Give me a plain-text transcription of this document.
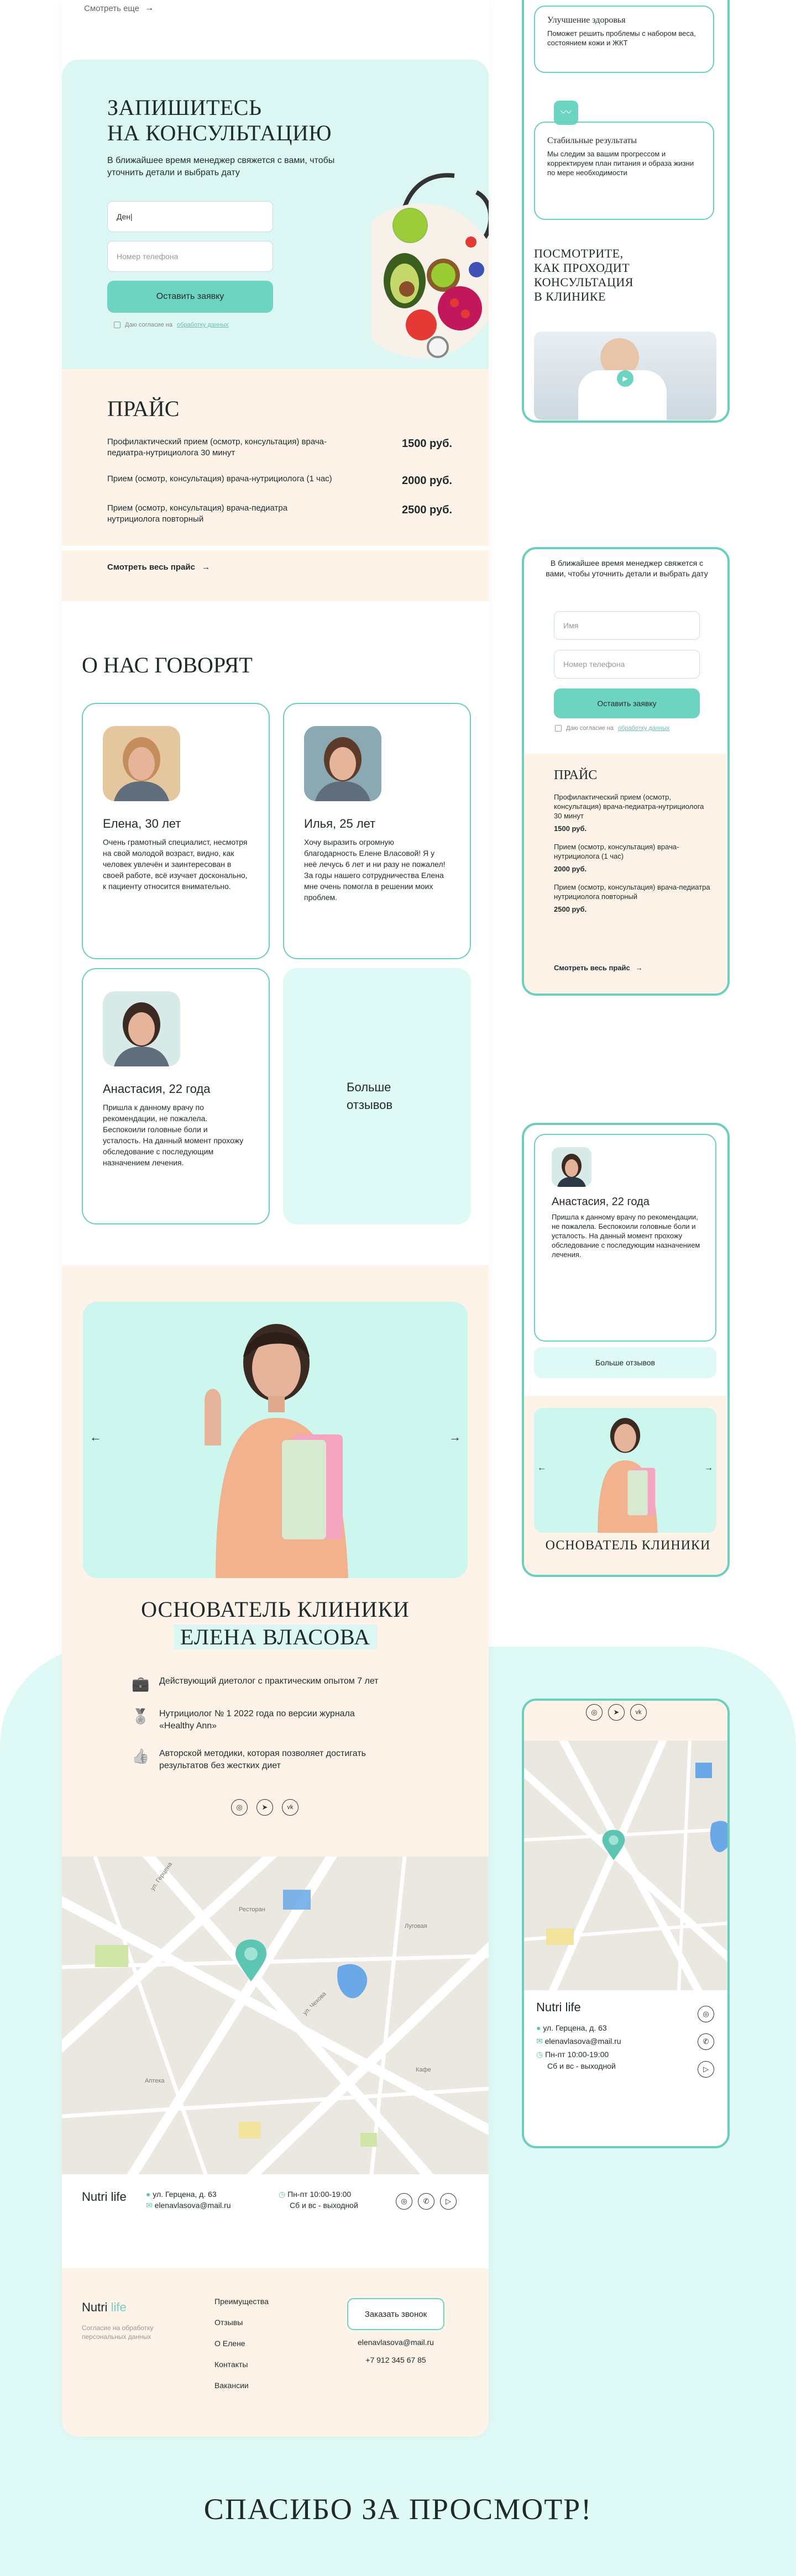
Смотреть еще →
ЗАПИШИТЕСЬ
НА КОНСУЛЬТАЦИЮ
В ближайшее время менеджер свяжется с вами, чтобы уточнить детали и выбрать дату
Ден|
Номер телефона
Оставить заявку
Даю согласие на обработку данных
ПРАЙС
Профилактический прием (осмотр, консультация) врача-педиатра-нутрициолога 30 минут
1500 руб.
Прием (осмотр, консультация) врача-нутрициолога (1 час)	2000 руб.
Прием (осмотр, консультация) врача-педиатра нутрициолога повторный
2500 руб.
Смотреть весь прайс →
О НАС ГОВОРЯТ
Елена, 30 лет
Очень грамотный специалист, несмотря на свой молодой возраст, видно, как человек увлечён и заинтересован в своей работе, всё изучает досконально, к пациенту относится внимательно.
Илья, 25 лет
Хочу выразить огромную благодарность Елене Власовой! Я у неё лечусь 6 лет и ни разу не пожалел! За годы нашего сотрудничества Елена мне очень помогла в решении моих проблем.
Анастасия, 22 года
Пришла к данному врачу по рекомендации, не пожалела. Беспокоили головные боли и усталость. На данный момент прохожу обследование с последующим назначением лечения.
Больше отзывов
←	→
ОСНОВАТЕЛЬ КЛИНИКИ
ЕЛЕНА ВЛАСОВА
💼 Действующий диетолог с практическим опытом 7 лет
🏅 Нутрициолог № 1 2022 года по версии журнала «Healthy Ann»
👍 Авторской методики, которая позволяет достигать результатов без жестких диет
◎	➤	vk
ул. Герцена
ул. Чехова
Луговая
Ресторан
Аптека
Кафе
Nutri life	● ул. Герцена, д. 63
✉ elenavlasova@mail.ru
◷ Пн-пт 10:00-19:00
Сб и вс - выходной	◎	✆	▷
Nutri life
Согласие на обработку персональных данных
Преимущества
Отзывы
О Елене
Контакты
Вакансии
Заказать звонок
elenavlasova@mail.ru
+7 912 345 67 85
Улучшение здоровья
Поможет решить проблемы с набором веса, состоянием кожи и ЖКТ
〰
Стабильные результаты
Мы следим за вашим прогрессом и корректируем план питания и образа жизни по мере необходимости
ПОСМОТРИТЕ,
КАК ПРОХОДИТ
КОНСУЛЬТАЦИЯ
В КЛИНИКЕ
▶
В ближайшее время менеджер свяжется с вами, чтобы уточнить детали и выбрать дату
Имя
Номер телефона
Оставить заявку
Даю согласие на обработку данных
ПРАЙС
Профилактический прием (осмотр, консультация) врача-педиатра-нутрициолога 30 минут
1500 руб.
Прием (осмотр, консультация) врача-нутрициолога (1 час)
2000 руб.
Прием (осмотр, консультация) врача-педиатра нутрициолога повторный
2500 руб.
Смотреть весь прайс →
Анастасия, 22 года
Пришла к данному врачу по рекомендации, не пожалела. Беспокоили головные боли и усталость. На данный момент прохожу обследование с последующим назначением лечения.
Больше отзывов
←	→
ОСНОВАТЕЛЬ КЛИНИКИ
◎	➤	vk
Nutri life
● ул. Герцена, д. 63
✉ elenavlasova@mail.ru
◷ Пн-пт 10:00-19:00
Сб и вс - выходной
◎
✆
▷
СПАСИБО ЗА ПРОСМОТР!
